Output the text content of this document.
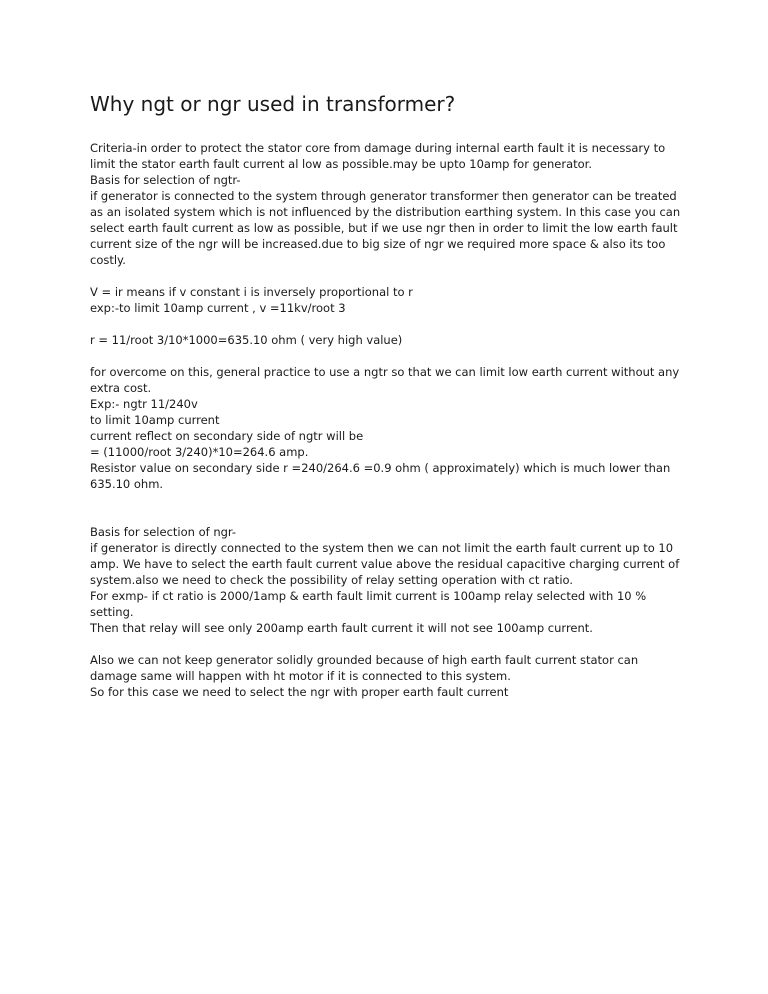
Why ngt or ngr used in transformer?
Criteria-in order to protect the stator core from damage during internal earth fault it is necessary to
limit the stator earth fault current al low as possible.may be upto 10amp for generator.
Basis for selection of ngtr-
if generator is connected to the system through generator transformer then generator can be treated
as an isolated system which is not influenced by the distribution earthing system. In this case you can
select earth fault current as low as possible, but if we use ngr then in order to limit the low earth fault
current size of the ngr will be increased.due to big size of ngr we required more space & also its too
costly.
V = ir means if v constant i is inversely proportional to r
exp:-to limit 10amp current , v =11kv/root 3
r = 11/root 3/10*1000=635.10 ohm ( very high value)
for overcome on this, general practice to use a ngtr so that we can limit low earth current without any
extra cost.
Exp:- ngtr 11/240v
to limit 10amp current
current reflect on secondary side of ngtr will be
= (11000/root 3/240)*10=264.6 amp.
Resistor value on secondary side r =240/264.6 =0.9 ohm ( approximately) which is much lower than
635.10 ohm.
Basis for selection of ngr-
if generator is directly connected to the system then we can not limit the earth fault current up to 10
amp. We have to select the earth fault current value above the residual capacitive charging current of
system.also we need to check the possibility of relay setting operation with ct ratio.
For exmp- if ct ratio is 2000/1amp & earth fault limit current is 100amp relay selected with 10 %
setting.
Then that relay will see only 200amp earth fault current it will not see 100amp current.
Also we can not keep generator solidly grounded because of high earth fault current stator can
damage same will happen with ht motor if it is connected to this system.
So for this case we need to select the ngr with proper earth fault current
